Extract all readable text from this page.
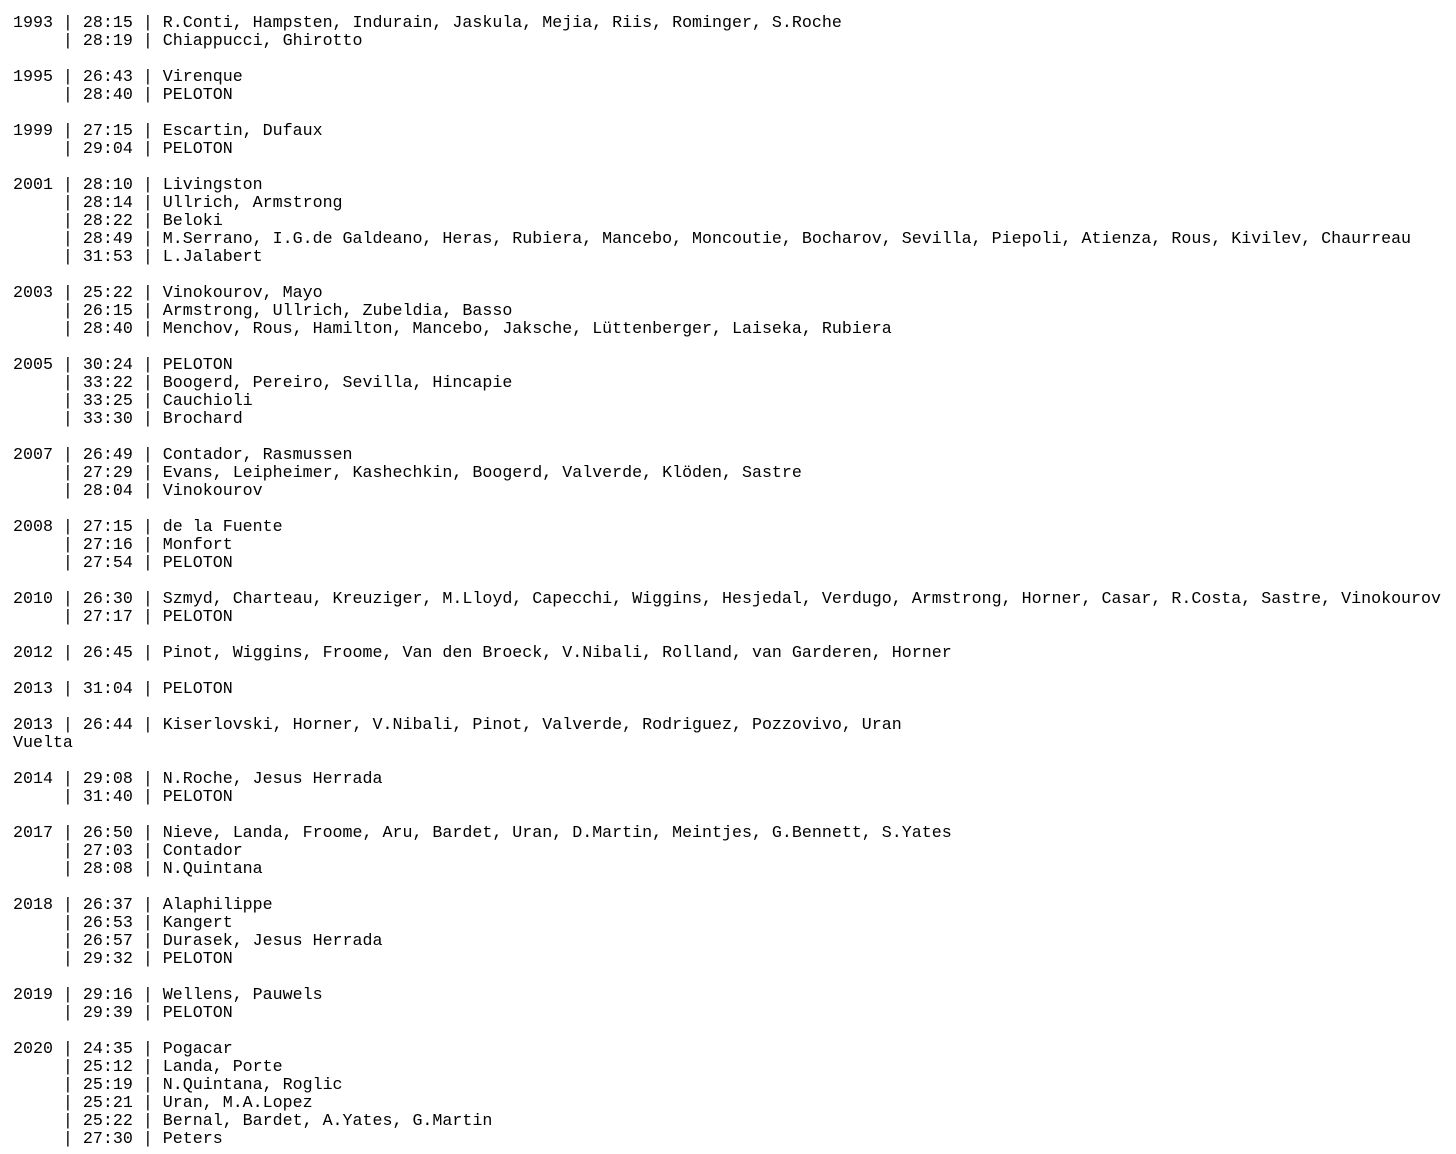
1993 | 28:15 | R.Conti, Hampsten, Indurain, Jaskula, Mejia, Riis, Rominger, S.Roche
| 28:19 | Chiappucci, Ghirotto

1995 | 26:43 | Virenque
| 28:40 | PELOTON

1999 | 27:15 | Escartin, Dufaux
| 29:04 | PELOTON

2001 | 28:10 | Livingston
| 28:14 | Ullrich, Armstrong
| 28:22 | Beloki
| 28:49 | M.Serrano, I.G.de Galdeano, Heras, Rubiera, Mancebo, Moncoutie, Bocharov, Sevilla, Piepoli, Atienza, Rous, Kivilev, Chaurreau
| 31:53 | L.Jalabert

2003 | 25:22 | Vinokourov, Mayo
| 26:15 | Armstrong, Ullrich, Zubeldia, Basso
| 28:40 | Menchov, Rous, Hamilton, Mancebo, Jaksche, Lüttenberger, Laiseka, Rubiera

2005 | 30:24 | PELOTON
| 33:22 | Boogerd, Pereiro, Sevilla, Hincapie
| 33:25 | Cauchioli
| 33:30 | Brochard

2007 | 26:49 | Contador, Rasmussen
| 27:29 | Evans, Leipheimer, Kashechkin, Boogerd, Valverde, Klöden, Sastre
| 28:04 | Vinokourov

2008 | 27:15 | de la Fuente
| 27:16 | Monfort
| 27:54 | PELOTON

2010 | 26:30 | Szmyd, Charteau, Kreuziger, M.Lloyd, Capecchi, Wiggins, Hesjedal, Verdugo, Armstrong, Horner, Casar, R.Costa, Sastre, Vinokourov
| 27:17 | PELOTON

2012 | 26:45 | Pinot, Wiggins, Froome, Van den Broeck, V.Nibali, Rolland, van Garderen, Horner

2013 | 31:04 | PELOTON

2013 | 26:44 | Kiserlovski, Horner, V.Nibali, Pinot, Valverde, Rodriguez, Pozzovivo, Uran
Vuelta

2014 | 29:08 | N.Roche, Jesus Herrada
| 31:40 | PELOTON

2017 | 26:50 | Nieve, Landa, Froome, Aru, Bardet, Uran, D.Martin, Meintjes, G.Bennett, S.Yates
| 27:03 | Contador
| 28:08 | N.Quintana

2018 | 26:37 | Alaphilippe
| 26:53 | Kangert
| 26:57 | Durasek, Jesus Herrada
| 29:32 | PELOTON

2019 | 29:16 | Wellens, Pauwels
| 29:39 | PELOTON

2020 | 24:35 | Pogacar
| 25:12 | Landa, Porte
| 25:19 | N.Quintana, Roglic
| 25:21 | Uran, M.A.Lopez
| 25:22 | Bernal, Bardet, A.Yates, G.Martin
| 27:30 | Peters
